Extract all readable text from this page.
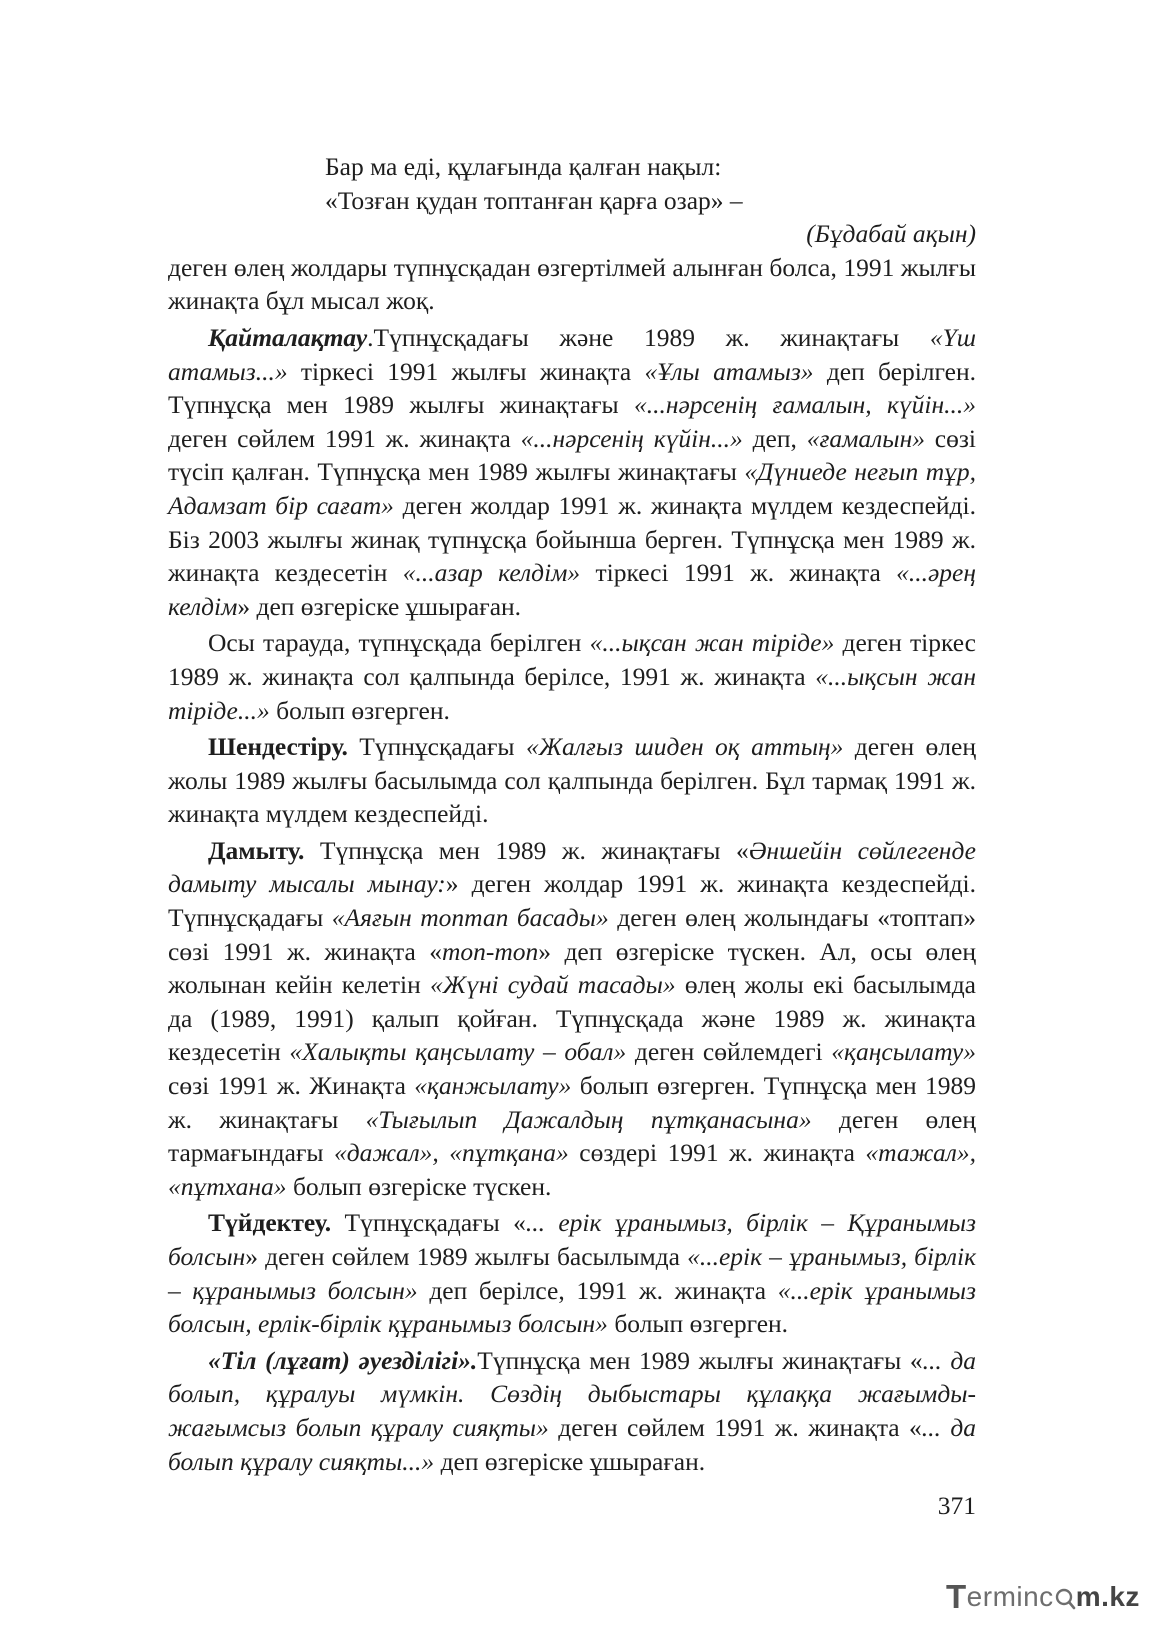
Бар ма еді, құлағында қалған нақыл:
«Тозған қудан топтанған қарға озар» –
(Бұдабай ақын)

деген өлең жолдары түпнұсқадан өзгертілмей алынған болса, 1991 жылғы жинақта бұл мысал жоқ.

Қайталақтау.Түпнұсқадағы және 1989 ж. жинақтағы «Үш атамыз...» тіркесі 1991 жылғы жинақта «Ұлы атамыз» деп берілген. Түпнұсқа мен 1989 жылғы жинақтағы «...нәрсенің ғамалын, күйін...» деген сөйлем 1991 ж. жинақта «...нәрсенің күйін...» деп, «ғамалын» сөзі түсіп қалған. Түпнұсқа мен 1989 жылғы жинақтағы «Дүниеде неғып тұр, Адамзат бір сағат» деген жолдар 1991 ж. жинақта мүлдем кездеспейді. Біз 2003 жылғы жинақ түпнұсқа бойынша берген. Түпнұсқа мен 1989 ж. жинақта кездесетін «...азар келдім» тіркесі 1991 ж. жинақта «...әрең келдім» деп өзгеріске ұшыраған.

Осы тарауда, түпнұсқада берілген «...ықсан жан тіріде» деген тіркес 1989 ж. жинақта сол қалпында берілсе, 1991 ж. жинақта «...ықсын жан тіріде...» болып өзгерген.

Шендестіру. Түпнұсқадағы «Жалғыз шиден оқ аттың» деген өлең жолы 1989 жылғы басылымда сол қалпында берілген. Бұл тармақ 1991 ж. жинақта мүлдем кездеспейді.

Дамыту. Түпнұсқа мен 1989 ж. жинақтағы «Әншейін сөйлегенде дамыту мысалы мынау:» деген жолдар 1991 ж. жинақта кездеспейді. Түпнұсқадағы «Аяғын топтап басады» деген өлең жолындағы «топтап» сөзі 1991 ж. жинақта «топ-топ» деп өзгеріске түскен. Ал, осы өлең жолынан кейін келетін «Жүні судай тасады» өлең жолы екі басылымда да (1989, 1991) қалып қойған. Түпнұсқада және 1989 ж. жинақта кездесетін «Халықты қаңсылату – обал» деген сөйлемдегі «қаңсылату» сөзі 1991 ж. Жинақта «қанжылату» болып өзгерген. Түпнұсқа мен 1989 ж. жинақтағы «Тығылып Дажалдың пұтқанасына» деген өлең тармағындағы «дажал», «пұтқана» сөздері 1991 ж. жинақта «тажал», «пұтхана» болып өзгеріске түскен.

Түйдектеу. Түпнұсқадағы «... ерік ұранымыз, бірлік – Құранымыз болсын» деген сөйлем 1989 жылғы басылымда «...ерік – ұранымыз, бірлік – құранымыз болсын» деп берілсе, 1991 ж. жинақта «...ерік ұранымыз болсын, ерлік-бірлік құранымыз болсын» болып өзгерген.

«Тіл (лұғат) әуезділігі».Түпнұсқа мен 1989 жылғы жинақтағы «... да болып, құралуы мүмкін. Сөздің дыбыстары құлаққа жағымды-жағымсыз болып құралу сияқты» деген сөйлем 1991 ж. жинақта «... да болып құралу сияқты...» деп өзгеріске ұшыраған.

371
T erminc m.kz
